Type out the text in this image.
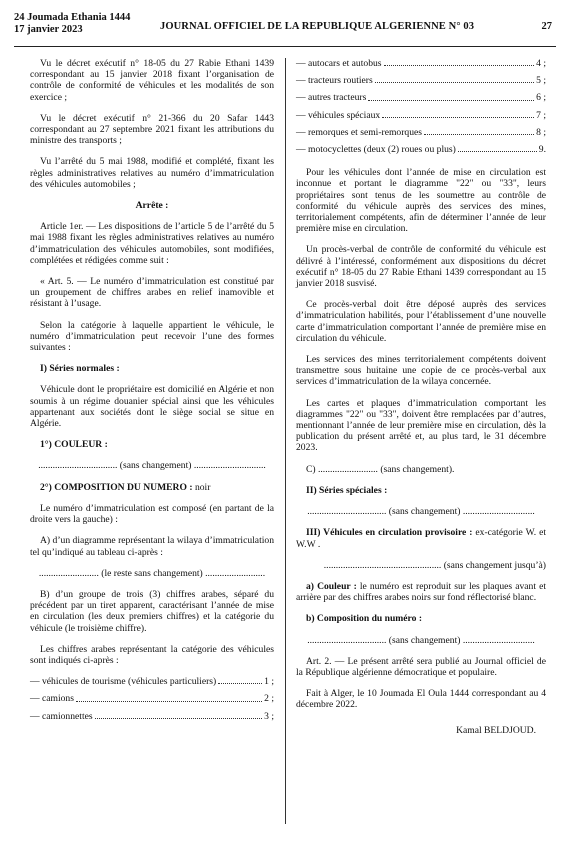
24 Joumada Ethania 1444
17 janvier 2023	JOURNAL OFFICIEL DE LA REPUBLIQUE ALGERIENNE N° 03	27

Vu le décret exécutif n° 18-05 du 27 Rabie Ethani 1439 correspondant au 15 janvier 2018 fixant l’organisation de contrôle de conformité de véhicules et les modalités de son exercice ;

Vu le décret exécutif n° 21-366 du 20 Safar 1443 correspondant au 27 septembre 2021 fixant les attributions du ministre des transports ;

Vu l’arrêté du 5 mai 1988, modifié et complété, fixant les règles administratives relatives au numéro d’immatriculation des véhicules automobiles ;

Arrête :

Article 1er. — Les dispositions de l’article 5 de l’arrêté du 5 mai 1988 fixant les règles administratives relatives au numéro d’immatriculation des véhicules automobiles, sont modifiées, complétées et rédigées comme suit :

« Art. 5. — Le numéro d’immatriculation est constitué par un groupement de chiffres arabes en relief inamovible et résistant à l’usage.

Selon la catégorie à laquelle appartient le véhicule, le numéro d’immatriculation peut recevoir l’une des formes suivantes :

I) Séries normales :

Véhicule dont le propriétaire est domicilié en Algérie et non soumis à un régime douanier spécial ainsi que les véhicules appartenant aux sociétés dont le siège social se situe en Algérie.

1°) COULEUR :

................................. (sans changement) ..............................

2°) COMPOSITION DU NUMERO : noir

Le numéro d’immatriculation est composé (en partant de la droite vers la gauche) :

A) d’un diagramme représentant la wilaya d’immatriculation tel qu’indiqué au tableau ci-après :

......................... (le reste sans changement) .........................

B) d’un groupe de trois (3) chiffres arabes, séparé du précédent par un tiret apparent, caractérisant l’année de mise en circulation (les deux premiers chiffres) et la catégorie du véhicule (le troisième chiffre).

Les chiffres arabes représentant la catégorie des véhicules sont indiqués ci-après :

— véhicules de tourisme (véhicules particuliers)	1 ;
— camions	2 ;
— camionnettes	3 ;
— autocars et autobus	4 ;
— tracteurs routiers	5 ;
— autres tracteurs	6 ;
— véhicules spéciaux	7 ;
— remorques et semi-remorques	8 ;
— motocyclettes (deux (2) roues ou plus)	9.

Pour les véhicules dont l’année de mise en circulation est inconnue et portant le diagramme "22" ou "33", leurs propriétaires sont tenus de les soumettre au contrôle de conformité du véhicule auprès des services des mines, territorialement compétents, afin de déterminer l’année de leur première mise en circulation.

Un procès-verbal de contrôle de conformité du véhicule est délivré à l’intéressé, conformément aux dispositions du décret exécutif n° 18-05 du 27 Rabie Ethani 1439 correspondant au 15 janvier 2018 susvisé.

Ce procès-verbal doit être déposé auprès des services d’immatriculation habilités, pour l’établissement d’une nouvelle carte d’immatriculation comportant l’année de première mise en circulation du véhicule.

Les services des mines territorialement compétents doivent transmettre sous huitaine une copie de ce procès-verbal aux services d’immatriculation de la wilaya concernée.

Les cartes et plaques d’immatriculation comportant les diagrammes "22" ou "33", doivent être remplacées par d’autres, mentionnant l’année de leur première mise en circulation, dès la publication du présent arrêté et, au plus tard, le 31 décembre 2023.

C) ......................... (sans changement).

II) Séries spéciales :

................................. (sans changement) ..............................

III) Véhicules en circulation provisoire : ex-catégorie W. et W.W .

................................................. (sans changement jusqu’à)

a) Couleur : le numéro est reproduit sur les plaques avant et arrière par des chiffres arabes noirs sur fond réflectorisé blanc.

b) Composition du numéro :

................................. (sans changement) ..............................

Art. 2. — Le présent arrêté sera publié au Journal officiel de la République algérienne démocratique et populaire.

Fait à Alger, le 10 Joumada El Oula 1444 correspondant au 4 décembre 2022.

Kamal BELDJOUD.
